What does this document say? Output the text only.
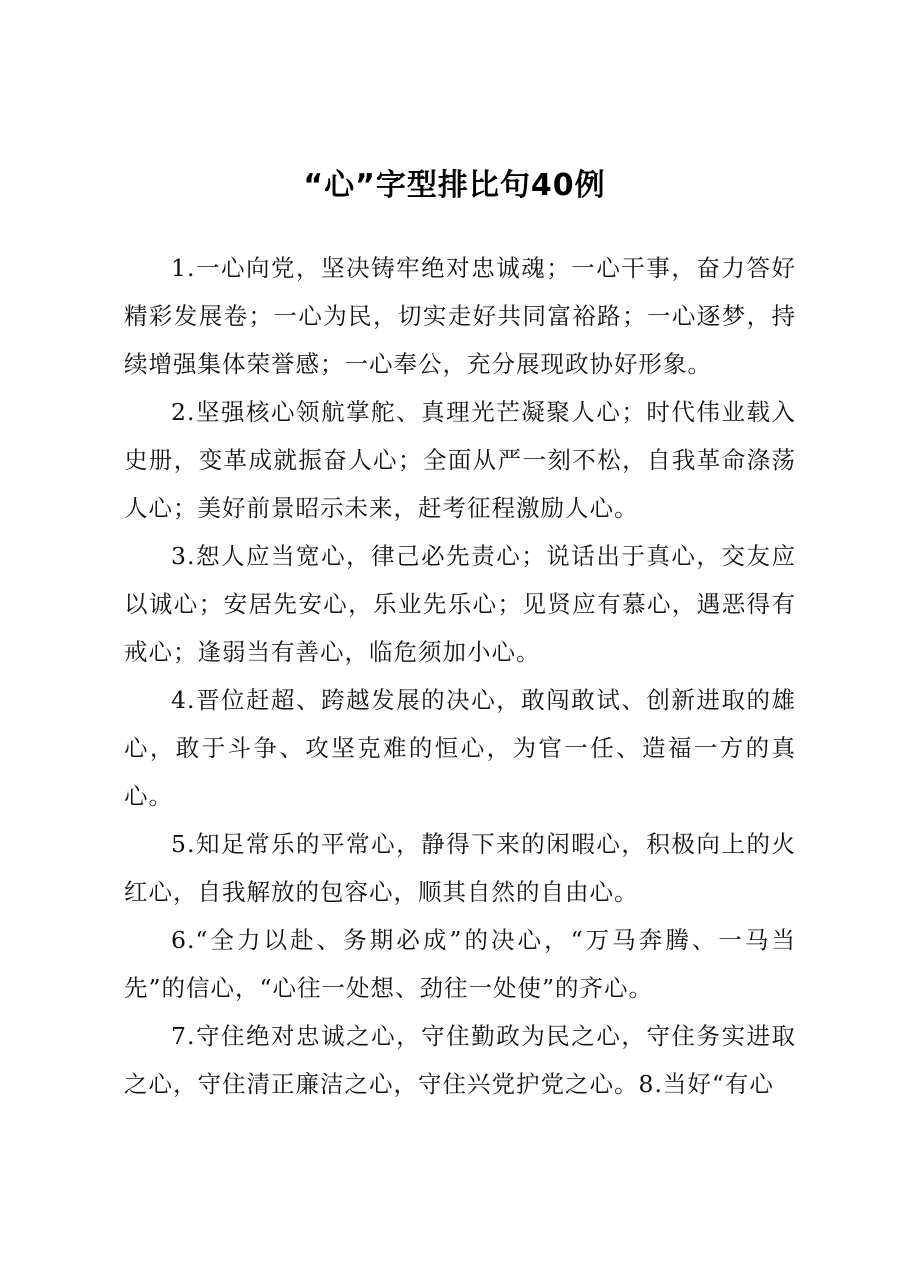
“心”字型排比句40例

1.一心向党，坚决铸牢绝对忠诚魂；一心干事，奋力答好精彩发展卷；一心为民，切实走好共同富裕路；一心逐梦，持续增强集体荣誉感；一心奉公，充分展现政协好形象。

2.坚强核心领航掌舵、真理光芒凝聚人心；时代伟业载入史册，变革成就振奋人心；全面从严一刻不松，自我革命涤荡人心；美好前景昭示未来，赶考征程激励人心。

3.恕人应当宽心，律己必先责心；说话出于真心，交友应以诚心；安居先安心，乐业先乐心；见贤应有慕心，遇恶得有戒心；逢弱当有善心，临危须加小心。

4.晋位赶超、跨越发展的决心，敢闯敢试、创新进取的雄心，敢于斗争、攻坚克难的恒心，为官一任、造福一方的真心。

5.知足常乐的平常心，静得下来的闲暇心，积极向上的火红心，自我解放的包容心，顺其自然的自由心。

6.“全力以赴、务期必成”的决心，“万马奔腾、一马当先”的信心，“心往一处想、劲往一处使”的齐心。

7.守住绝对忠诚之心，守住勤政为民之心，守住务实进取之心，守住清正廉洁之心，守住兴党护党之心。8.当好“有心
